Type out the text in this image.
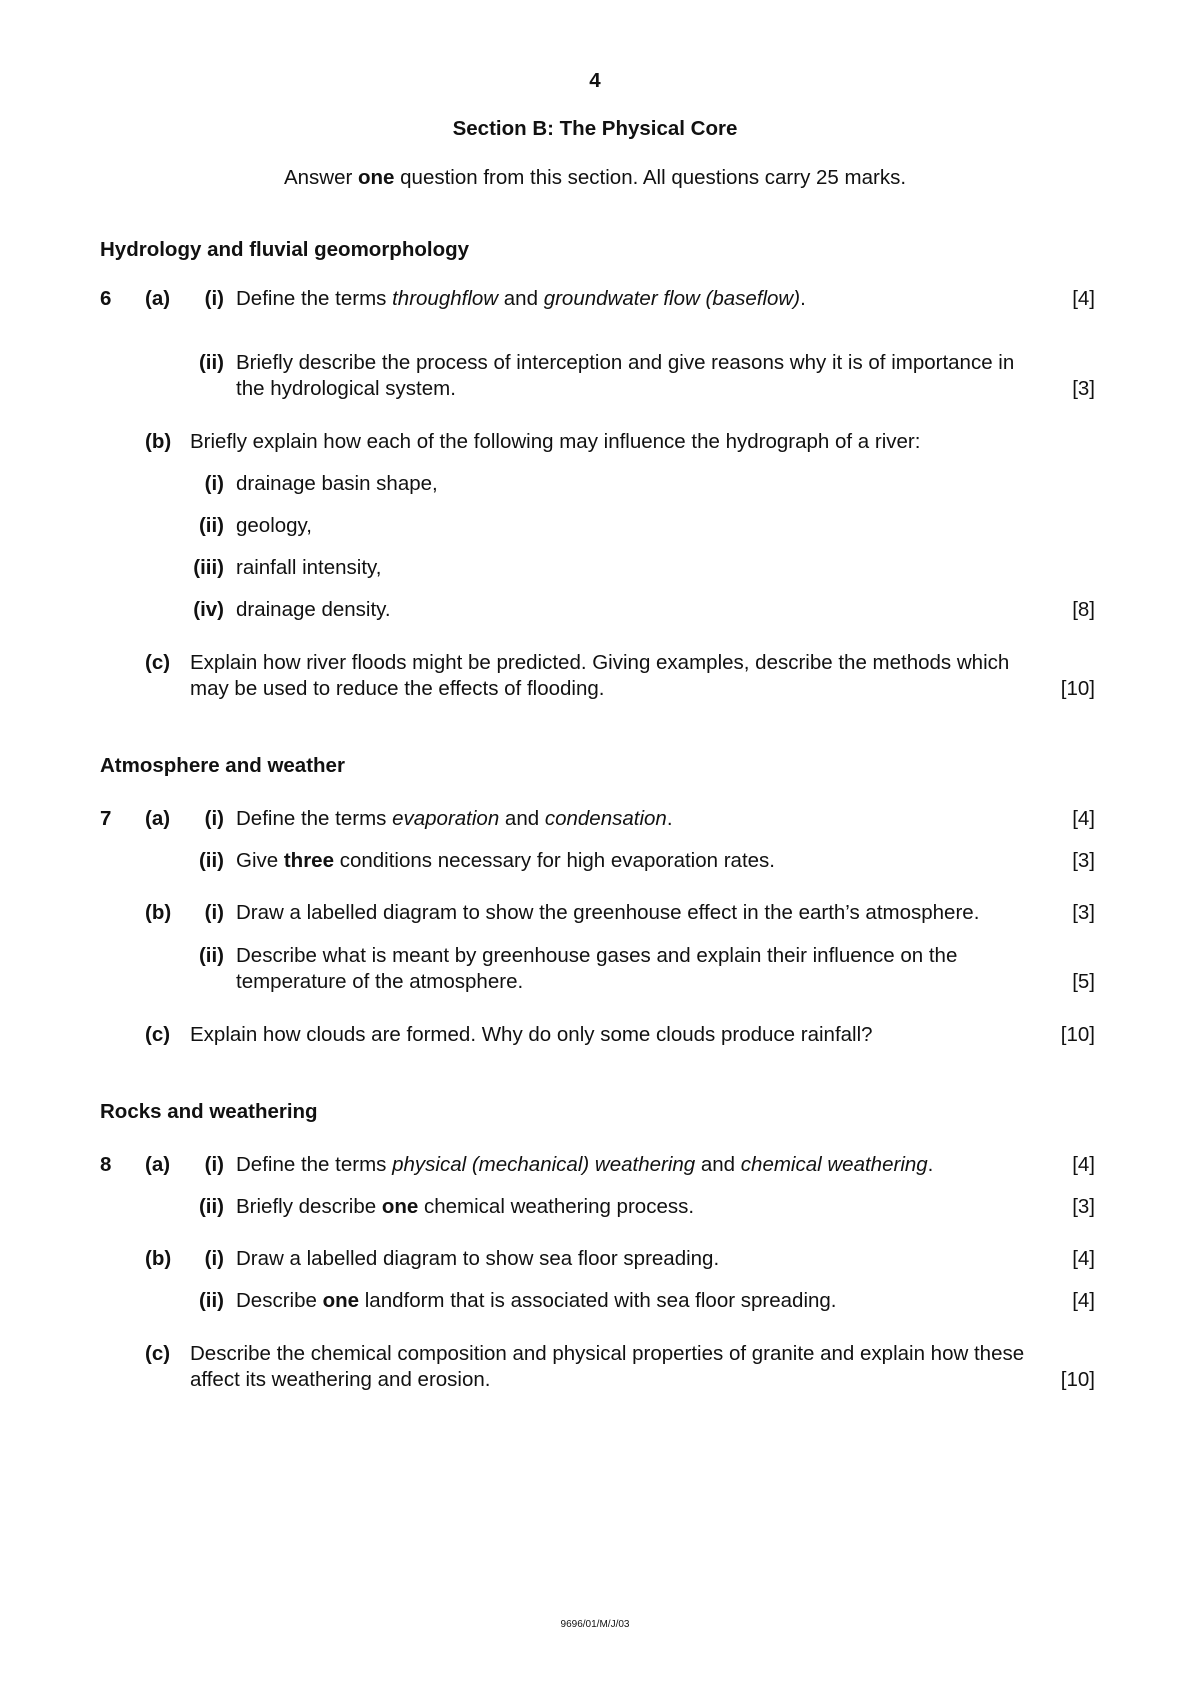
4
Section B: The Physical Core
Answer one question from this section. All questions carry 25 marks.
Hydrology and fluvial geomorphology
6 (a)	(i) Define the terms throughflow and groundwater flow (baseflow).	[4]
(ii) Briefly describe the process of interception and give reasons why it is of importance in
the hydrological system.	[3]
(b) Briefly explain how each of the following may influence the hydrograph of a river:
(i) drainage basin shape,
(ii) geology,
(iii) rainfall intensity,
(iv) drainage density.	[8]
(c) Explain how river floods might be predicted. Giving examples, describe the methods which
may be used to reduce the effects of flooding.	[10]
Atmosphere and weather
7 (a)	(i) Define the terms evaporation and condensation.	[4]
(ii) Give three conditions necessary for high evaporation rates.	[3]
(b)	(i) Draw a labelled diagram to show the greenhouse effect in the earth’s atmosphere.	[3]
(ii) Describe what is meant by greenhouse gases and explain their influence on the
temperature of the atmosphere.	[5]
(c) Explain how clouds are formed. Why do only some clouds produce rainfall?	[10]
Rocks and weathering
8 (a)	(i) Define the terms physical (mechanical) weathering and chemical weathering.	[4]
(ii) Briefly describe one chemical weathering process.	[3]
(b)	(i) Draw a labelled diagram to show sea floor spreading.	[4]
(ii) Describe one landform that is associated with sea floor spreading.	[4]
(c) Describe the chemical composition and physical properties of granite and explain how these
affect its weathering and erosion.	[10]
9696/01/M/J/03
